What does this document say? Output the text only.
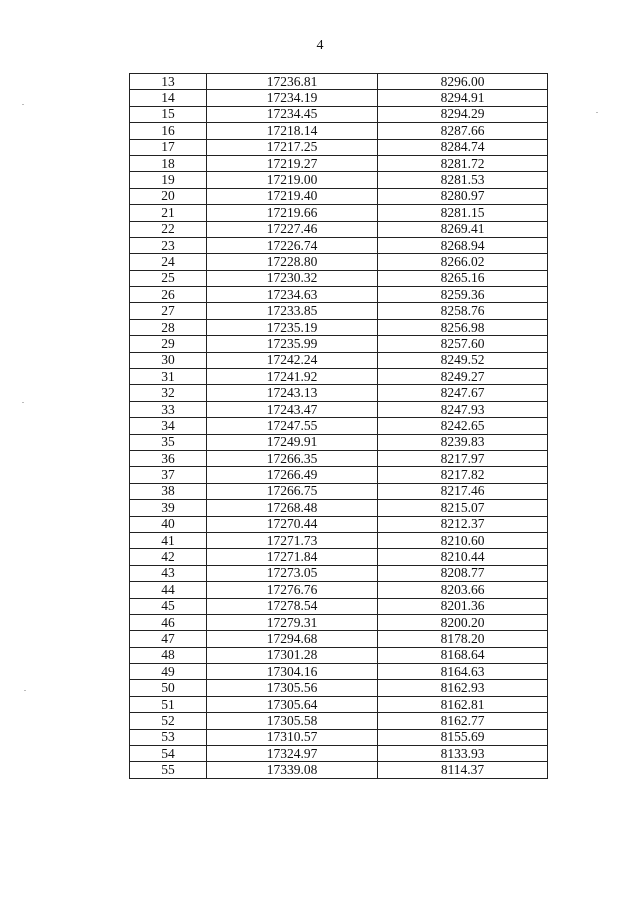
4
13	17236.81	8296.00
14	17234.19	8294.91
15	17234.45	8294.29
16	17218.14	8287.66
17	17217.25	8284.74
18	17219.27	8281.72
19	17219.00	8281.53
20	17219.40	8280.97
21	17219.66	8281.15
22	17227.46	8269.41
23	17226.74	8268.94
24	17228.80	8266.02
25	17230.32	8265.16
26	17234.63	8259.36
27	17233.85	8258.76
28	17235.19	8256.98
29	17235.99	8257.60
30	17242.24	8249.52
31	17241.92	8249.27
32	17243.13	8247.67
33	17243.47	8247.93
34	17247.55	8242.65
35	17249.91	8239.83
36	17266.35	8217.97
37	17266.49	8217.82
38	17266.75	8217.46
39	17268.48	8215.07
40	17270.44	8212.37
41	17271.73	8210.60
42	17271.84	8210.44
43	17273.05	8208.77
44	17276.76	8203.66
45	17278.54	8201.36
46	17279.31	8200.20
47	17294.68	8178.20
48	17301.28	8168.64
49	17304.16	8164.63
50	17305.56	8162.93
51	17305.64	8162.81
52	17305.58	8162.77
53	17310.57	8155.69
54	17324.97	8133.93
55	17339.08	8114.37
